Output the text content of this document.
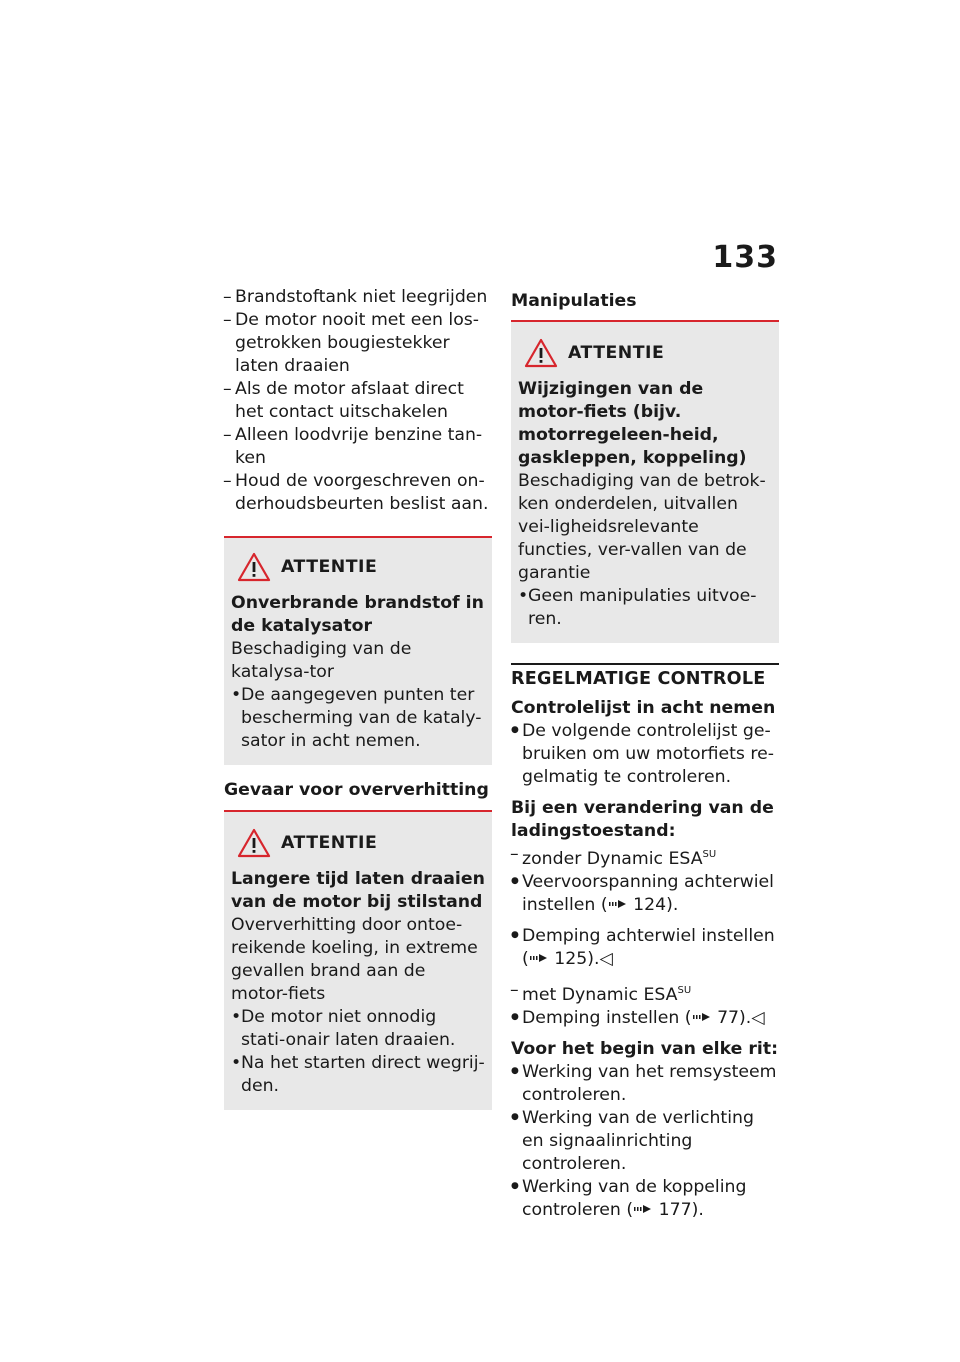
133
– Brandstoftank niet leegrijden
– De motor nooit met een los-getrokken bougiestekker laten draaien
– Als de motor afslaat direct het contact uitschakelen
– Alleen loodvrije benzine tan-ken
– Houd de voorgeschreven on-derhoudsbeurten beslist aan.
ATTENTIE
Onverbrande brandstof in de katalysator
Beschadiging van de katalysa-tor
• De aangegeven punten ter bescherming van de kataly-sator in acht nemen.
Gevaar voor oververhitting
ATTENTIE
Langere tijd laten draaien van de motor bij stilstand
Oververhitting door ontoe-reikende koeling, in extreme gevallen brand aan de motor-fiets
• De motor niet onnodig stati-onair laten draaien.
• Na het starten direct wegrij-den.
Manipulaties
ATTENTIE
Wijzigingen van de motor-fiets (bijv. motorregeleen-heid, gaskleppen, koppeling)
Beschadiging van de betrok-ken onderdelen, uitvallen vei-ligheidsrelevante functies, ver-vallen van de garantie
• Geen manipulaties uitvoe-ren.
REGELMATIGE CONTROLE
Controlelijst in acht nemen
● De volgende controlelijst ge-bruiken om uw motorfiets re-gelmatig te controleren.
Bij een verandering van de ladingstoestand:
– zonder Dynamic $ESA^{SU}$
● Veervoorspanning achterwiel instellen ( 124).
● Demping achterwiel instellen ( 125).◁
– met Dynamic $ESA^{SU}$
● Demping instellen ( 77).◁
Voor het begin van elke rit:
● Werking van het remsysteem controleren.
● Werking van de verlichting en signaalinrichting controleren.
● Werking van de koppeling controleren ( 177).
